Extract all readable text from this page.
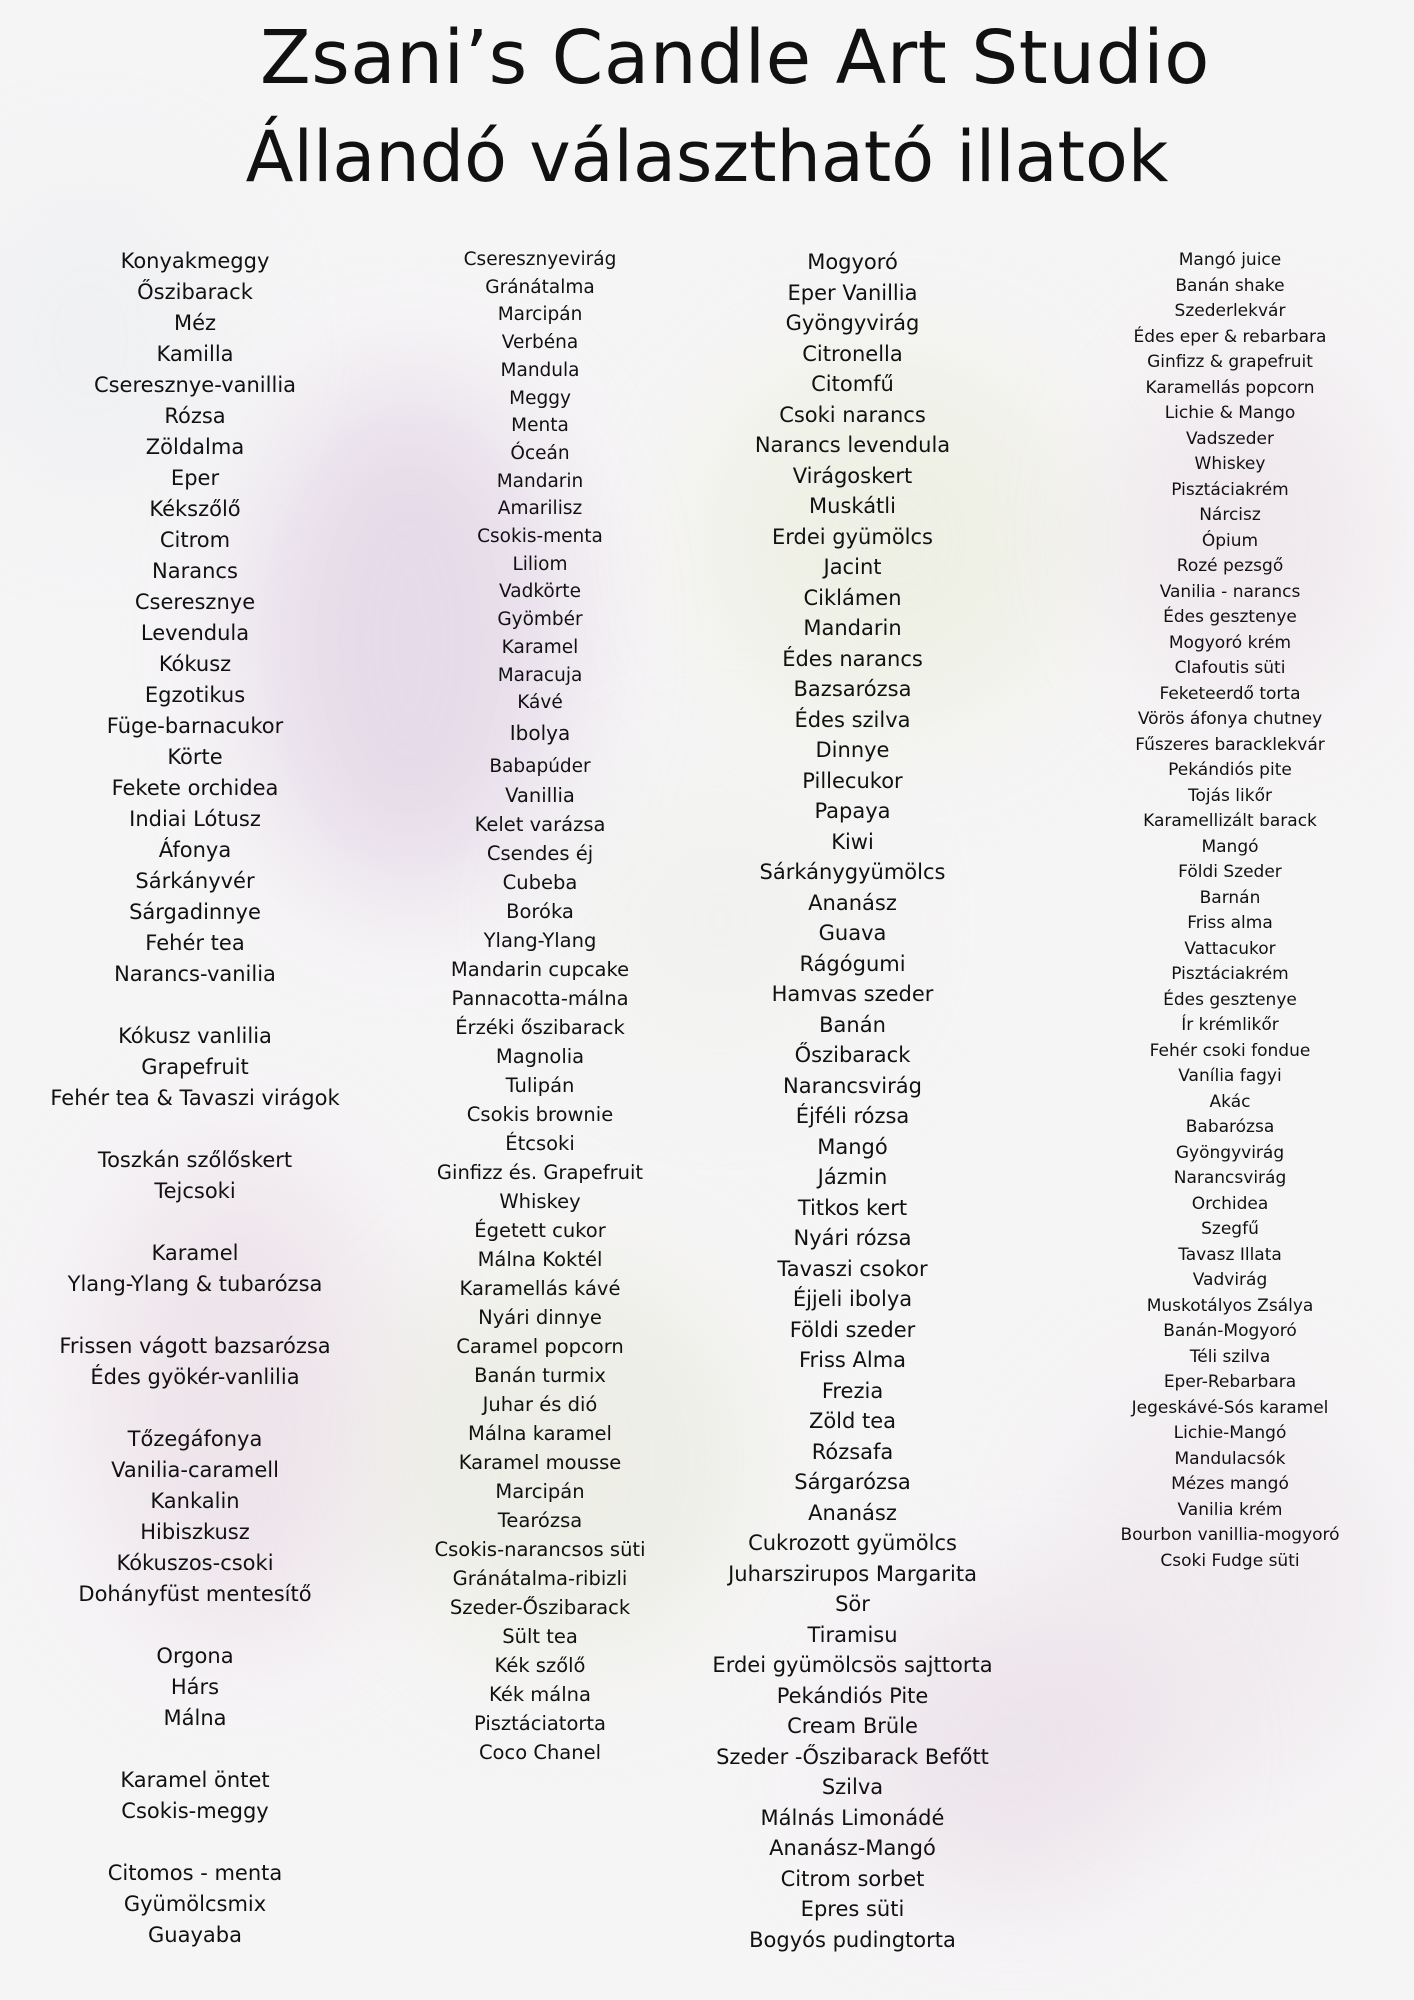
Zsani’s Candle Art Studio
Állandó választható illatok
Konyakmeggy
Őszibarack
Méz
Kamilla
Cseresznye-vanillia
Rózsa
Zöldalma
Eper
Kékszőlő
Citrom
Narancs
Cseresznye
Levendula
Kókusz
Egzotikus
Füge-barnacukor
Körte
Fekete orchidea
Indiai Lótusz
Áfonya
Sárkányvér
Sárgadinnye
Fehér tea
Narancs-vanilia
Kókusz vanlilia
Grapefruit
Fehér tea & Tavaszi virágok
Toszkán szőlőskert
Tejcsoki
Karamel
Ylang-Ylang & tubarózsa
Frissen vágott bazsarózsa
Édes gyökér-vanlilia
Tőzegáfonya
Vanilia-caramell
Kankalin
Hibiszkusz
Kókuszos-csoki
Dohányfüst mentesítő
Orgona
Hárs
Málna
Karamel öntet
Csokis-meggy
Citomos - menta
Gyümölcsmix
Guayaba
Cseresznyevirág
Gránátalma
Marcipán
Verbéna
Mandula
Meggy
Menta
Óceán
Mandarin
Amarilisz
Csokis-menta
Liliom
Vadkörte
Gyömbér
Karamel
Maracuja
Kávé
Ibolya
Babapúder
Vanillia
Kelet varázsa
Csendes éj
Cubeba
Boróka
Ylang-Ylang
Mandarin cupcake
Pannacotta-málna
Érzéki őszibarack
Magnolia
Tulipán
Csokis brownie
Étcsoki
Ginfizz és. Grapefruit
Whiskey
Égetett cukor
Málna Koktél
Karamellás kávé
Nyári dinnye
Caramel popcorn
Banán turmix
Juhar és dió
Málna karamel
Karamel mousse
Marcipán
Tearózsa
Csokis-narancsos süti
Gránátalma-ribizli
Szeder-Őszibarack
Sült tea
Kék szőlő
Kék málna
Pisztáciatorta
Coco Chanel
Mogyoró
Eper Vanillia
Gyöngyvirág
Citronella
Citomfű
Csoki narancs
Narancs levendula
Virágoskert
Muskátli
Erdei gyümölcs
Jacint
Ciklámen
Mandarin
Édes narancs
Bazsarózsa
Édes szilva
Dinnye
Pillecukor
Papaya
Kiwi
Sárkánygyümölcs
Ananász
Guava
Rágógumi
Hamvas szeder
Banán
Őszibarack
Narancsvirág
Éjféli rózsa
Mangó
Jázmin
Titkos kert
Nyári rózsa
Tavaszi csokor
Éjjeli ibolya
Földi szeder
Friss Alma
Frezia
Zöld tea
Rózsafa
Sárgarózsa
Ananász
Cukrozott gyümölcs
Juharszirupos Margarita
Sör
Tiramisu
Erdei gyümölcsös sajttorta
Pekándiós Pite
Cream Brüle
Szeder -Őszibarack Befőtt
Szilva
Málnás Limonádé
Ananász-Mangó
Citrom sorbet
Epres süti
Bogyós pudingtorta
Mangó juice
Banán shake
Szederlekvár
Édes eper & rebarbara
Ginfizz & grapefruit
Karamellás popcorn
Lichie & Mango
Vadszeder
Whiskey
Pisztáciakrém
Nárcisz
Ópium
Rozé pezsgő
Vanilia - narancs
Édes gesztenye
Mogyoró krém
Clafoutis süti
Feketeerdő torta
Vörös áfonya chutney
Fűszeres baracklekvár
Pekándiós pite
Tojás likőr
Karamellizált barack
Mangó
Földi Szeder
Barnán
Friss alma
Vattacukor
Pisztáciakrém
Édes gesztenye
Ír krémlikőr
Fehér csoki fondue
Vanília fagyi
Akác
Babarózsa
Gyöngyvirág
Narancsvirág
Orchidea
Szegfű
Tavasz Illata
Vadvirág
Muskotályos Zsálya
Banán-Mogyoró
Téli szilva
Eper-Rebarbara
Jegeskávé-Sós karamel
Lichie-Mangó
Mandulacsók
Mézes mangó
Vanilia krém
Bourbon vanillia-mogyoró
Csoki Fudge süti
